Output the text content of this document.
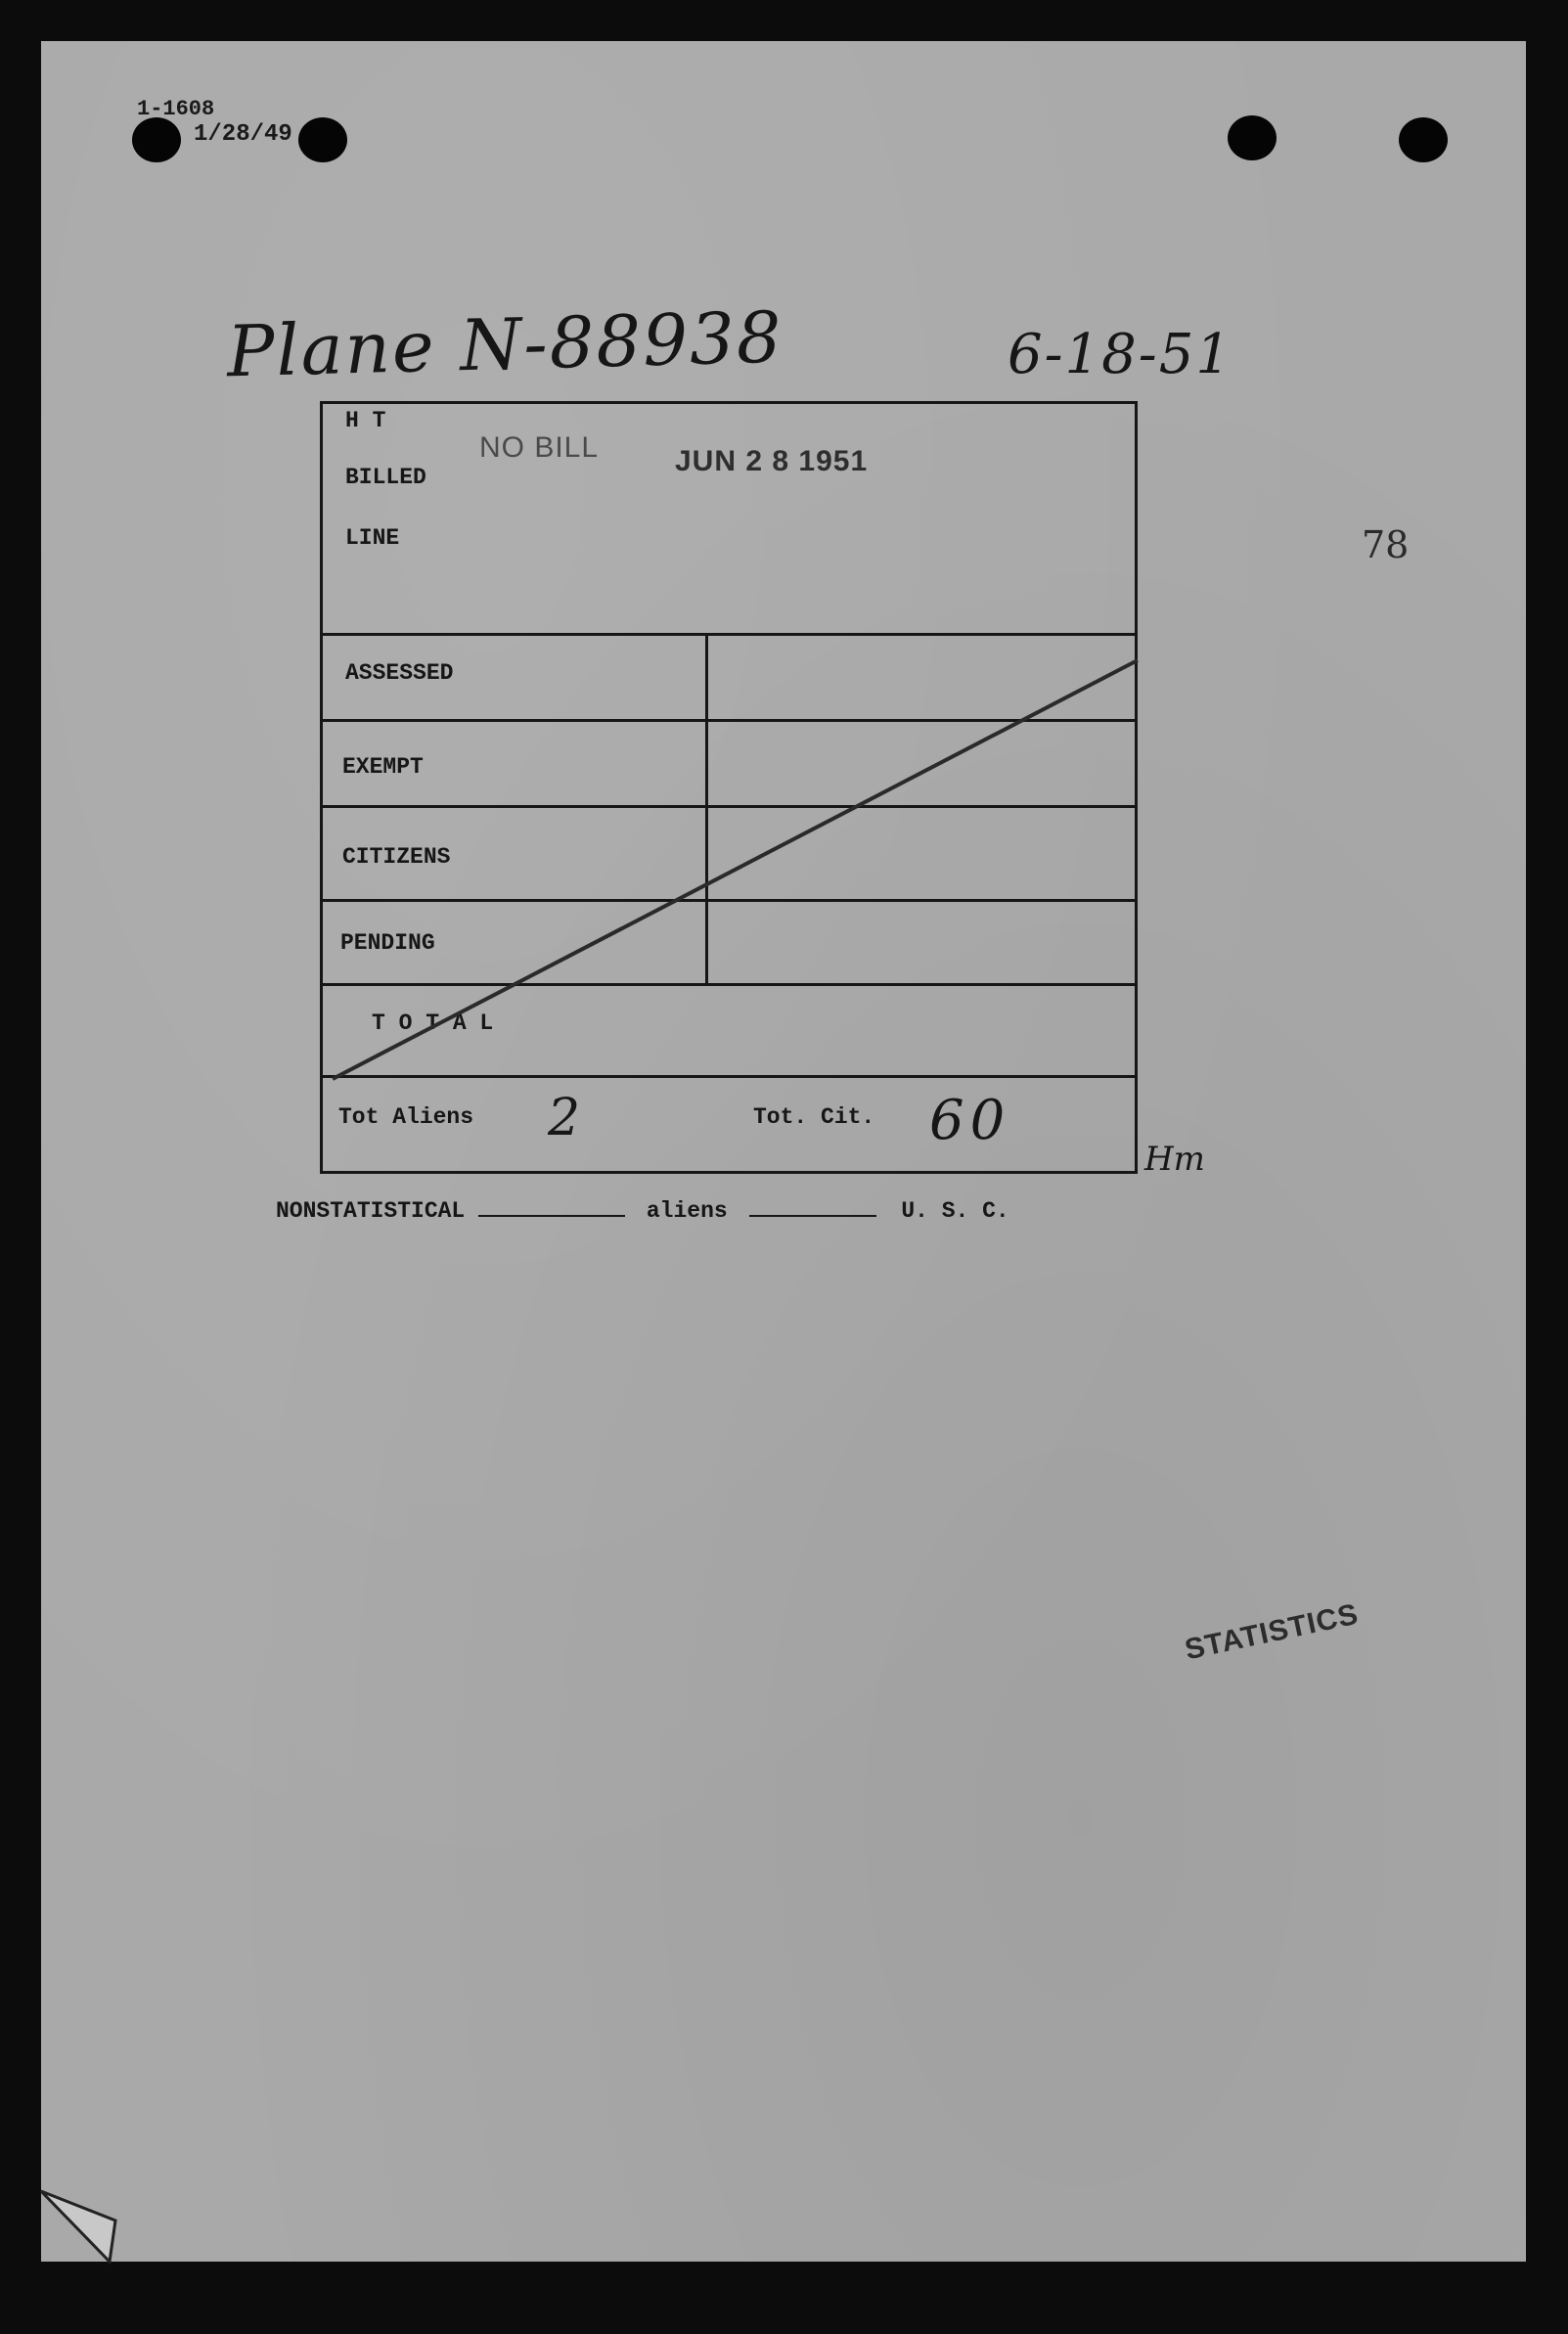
1-1608
1/28/49
Plane N-88938	6-18-51
78
H T
BILLED
LINE
NO BILL	JUN 2 8 1951
ASSESSED
EXEMPT
CITIZENS
PENDING
T O T A L
Tot Aliens 2	Tot. Cit. 60
Hm
NONSTATISTICAL	aliens	U. S. C.
STATISTICS
